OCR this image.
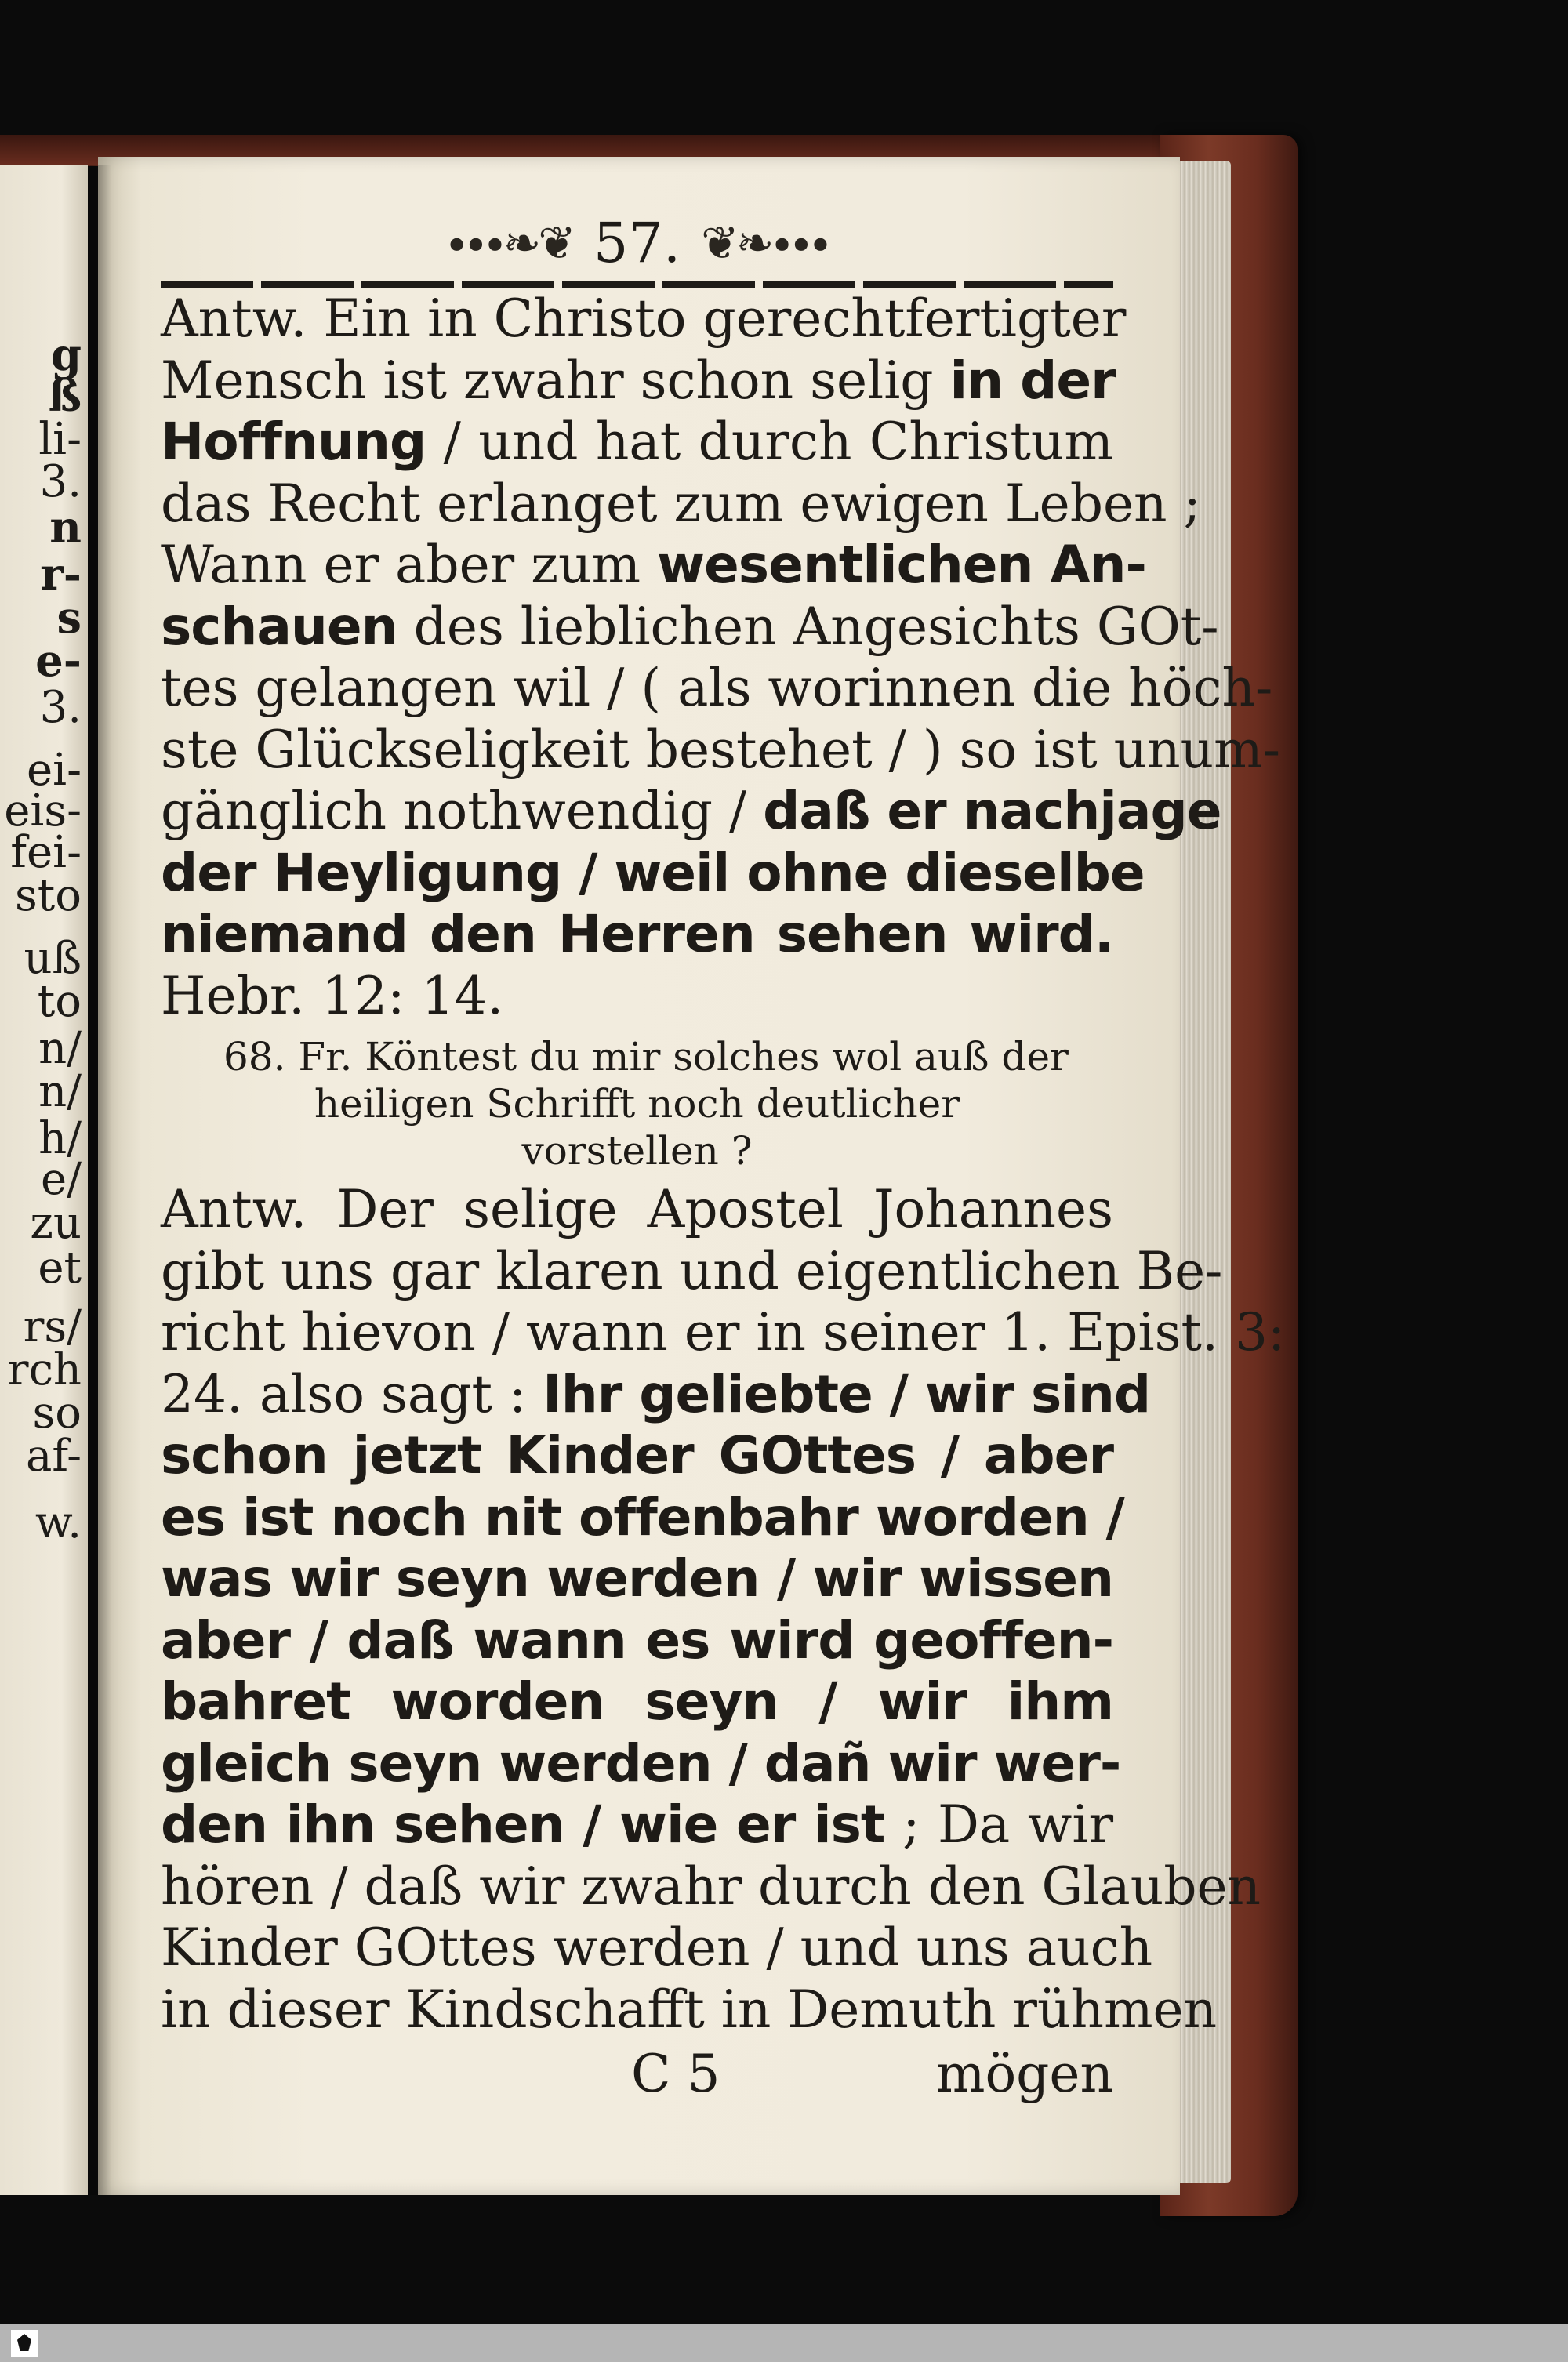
g
ß
li-
3.
n
r-
s
e-
3.
ei-
eis-
fei-
sto
uß
to
n/
n/
h/
e/
zu
et
rs/
rch
so
af-
w.
∙∙∙❧❦ 57. ❦❧∙∙∙
Antw. Ein in Christo gerechtfertigter
Mensch ist zwahr schon selig in der
Hoffnung / und hat durch Christum
das Recht erlanget zum ewigen Leben ;
Wann er aber zum wesentlichen An-
schauen des lieblichen Angesichts GOt-
tes gelangen wil / ( als worinnen die höch-
ste Glückseligkeit bestehet / ) so ist unum-
gänglich nothwendig / daß er nachjage
der Heyligung / weil ohne dieselbe
niemand den Herren sehen wird.
Hebr. 12: 14.
68. Fr. Köntest du mir solches wol auß der
heiligen Schrifft noch deutlicher
vorstellen ?
Antw. Der selige Apostel Johannes
gibt uns gar klaren und eigentlichen Be-
richt hievon / wann er in seiner 1. Epist. 3:
24. also sagt : Ihr geliebte / wir sind
schon jetzt Kinder GOttes / aber
es ist noch nit offenbahr worden /
was wir seyn werden / wir wissen
aber / daß wann es wird geoffen-
bahret worden seyn / wir ihm
gleich seyn werden / dañ wir wer-
den ihn sehen / wie er ist ; Da wir
hören / daß wir zwahr durch den Glauben
Kinder GOttes werden / und uns auch
in dieser Kindschafft in Demuth rühmen
C 5	mögen
